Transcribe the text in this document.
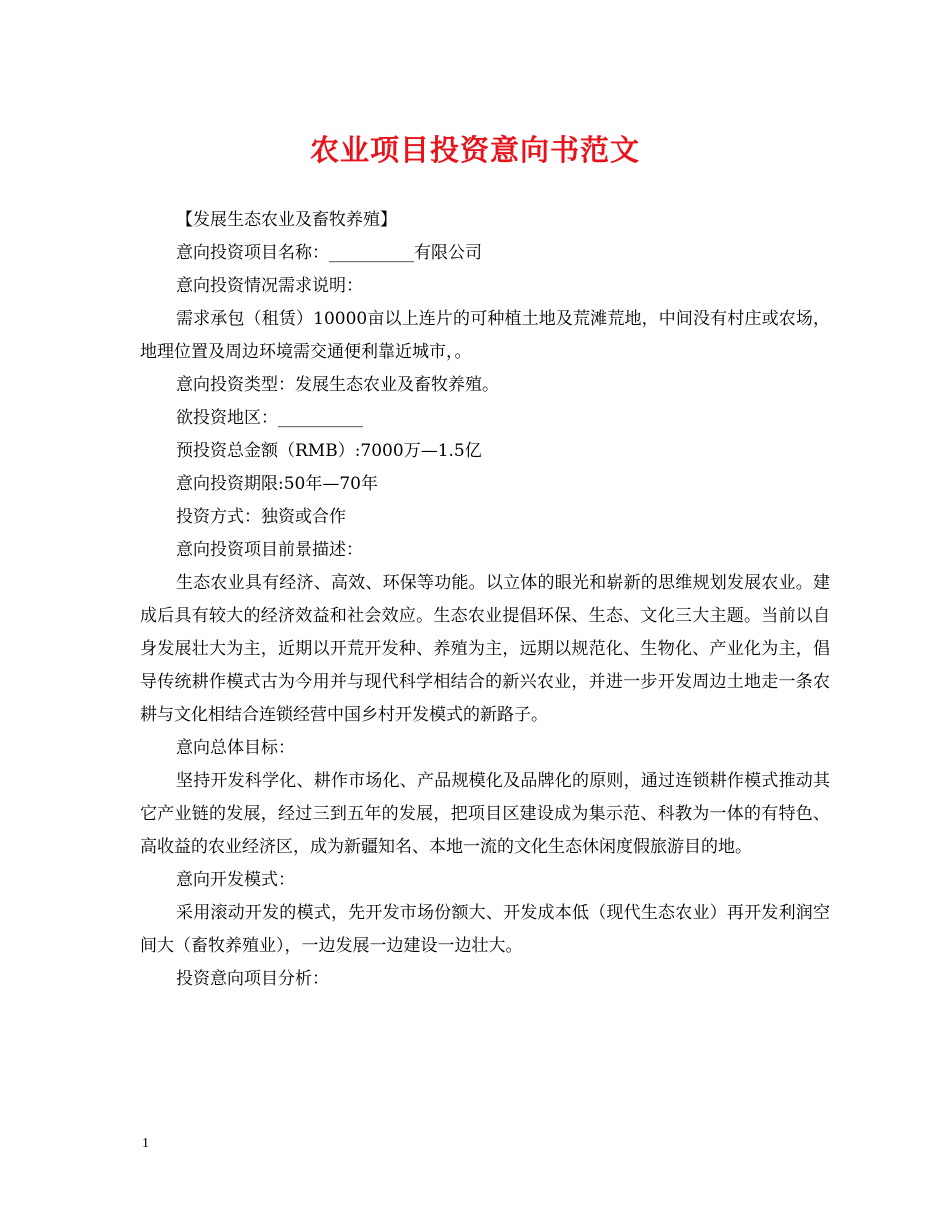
农业项目投资意向书范文

【发展生态农业及畜牧养殖】

意向投资项目名称：__________有限公司

意向投资情况需求说明：

需求承包（租赁）10000亩以上连片的可种植土地及荒滩荒地，中间没有村庄或农场，地理位置及周边环境需交通便利靠近城市，。

意向投资类型：发展生态农业及畜牧养殖。

欲投资地区：__________

预投资总金额（RMB）:7000万—1.5亿

意向投资期限:50年—70年

投资方式：独资或合作

意向投资项目前景描述：

生态农业具有经济、高效、环保等功能。以立体的眼光和崭新的思维规划发展农业。建成后具有较大的经济效益和社会效应。生态农业提倡环保、生态、文化三大主题。当前以自身发展壮大为主，近期以开荒开发种、养殖为主，远期以规范化、生物化、产业化为主，倡导传统耕作模式古为今用并与现代科学相结合的新兴农业，并进一步开发周边土地走一条农耕与文化相结合连锁经营中国乡村开发模式的新路子。

意向总体目标：

坚持开发科学化、耕作市场化、产品规模化及品牌化的原则，通过连锁耕作模式推动其它产业链的发展，经过三到五年的发展，把项目区建设成为集示范、科教为一体的有特色、高收益的农业经济区，成为新疆知名、本地一流的文化生态休闲度假旅游目的地。

意向开发模式：

采用滚动开发的模式，先开发市场份额大、开发成本低（现代生态农业）再开发利润空间大（畜牧养殖业），一边发展一边建设一边壮大。

投资意向项目分析：

1
